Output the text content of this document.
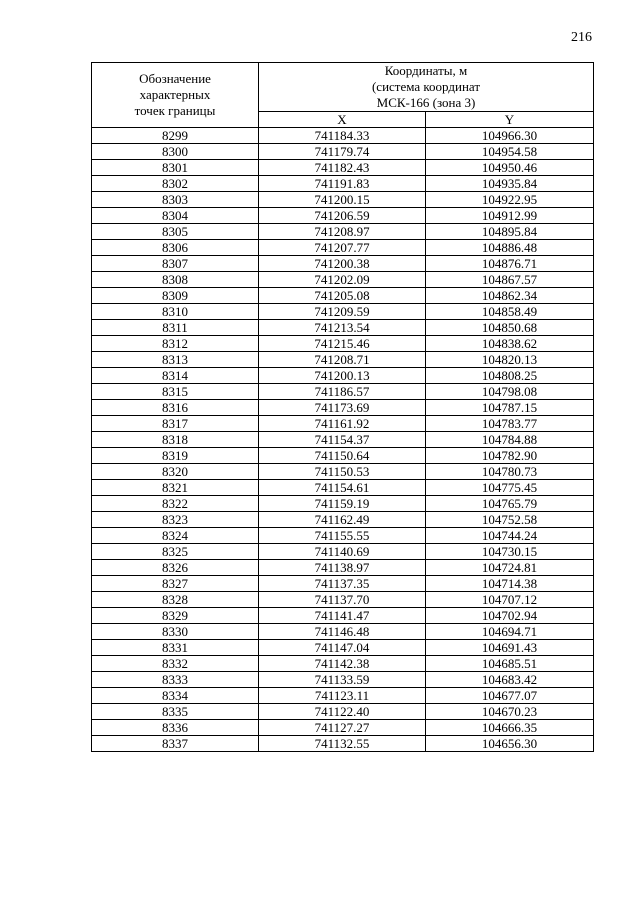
216
Обозначение
характерных
точек границы	Координаты, м
(система координат
МСК-166 (зона 3)	
	X	Y
8299	741184.33	104966.30
8300	741179.74	104954.58
8301	741182.43	104950.46
8302	741191.83	104935.84
8303	741200.15	104922.95
8304	741206.59	104912.99
8305	741208.97	104895.84
8306	741207.77	104886.48
8307	741200.38	104876.71
8308	741202.09	104867.57
8309	741205.08	104862.34
8310	741209.59	104858.49
8311	741213.54	104850.68
8312	741215.46	104838.62
8313	741208.71	104820.13
8314	741200.13	104808.25
8315	741186.57	104798.08
8316	741173.69	104787.15
8317	741161.92	104783.77
8318	741154.37	104784.88
8319	741150.64	104782.90
8320	741150.53	104780.73
8321	741154.61	104775.45
8322	741159.19	104765.79
8323	741162.49	104752.58
8324	741155.55	104744.24
8325	741140.69	104730.15
8326	741138.97	104724.81
8327	741137.35	104714.38
8328	741137.70	104707.12
8329	741141.47	104702.94
8330	741146.48	104694.71
8331	741147.04	104691.43
8332	741142.38	104685.51
8333	741133.59	104683.42
8334	741123.11	104677.07
8335	741122.40	104670.23
8336	741127.27	104666.35
8337	741132.55	104656.30
